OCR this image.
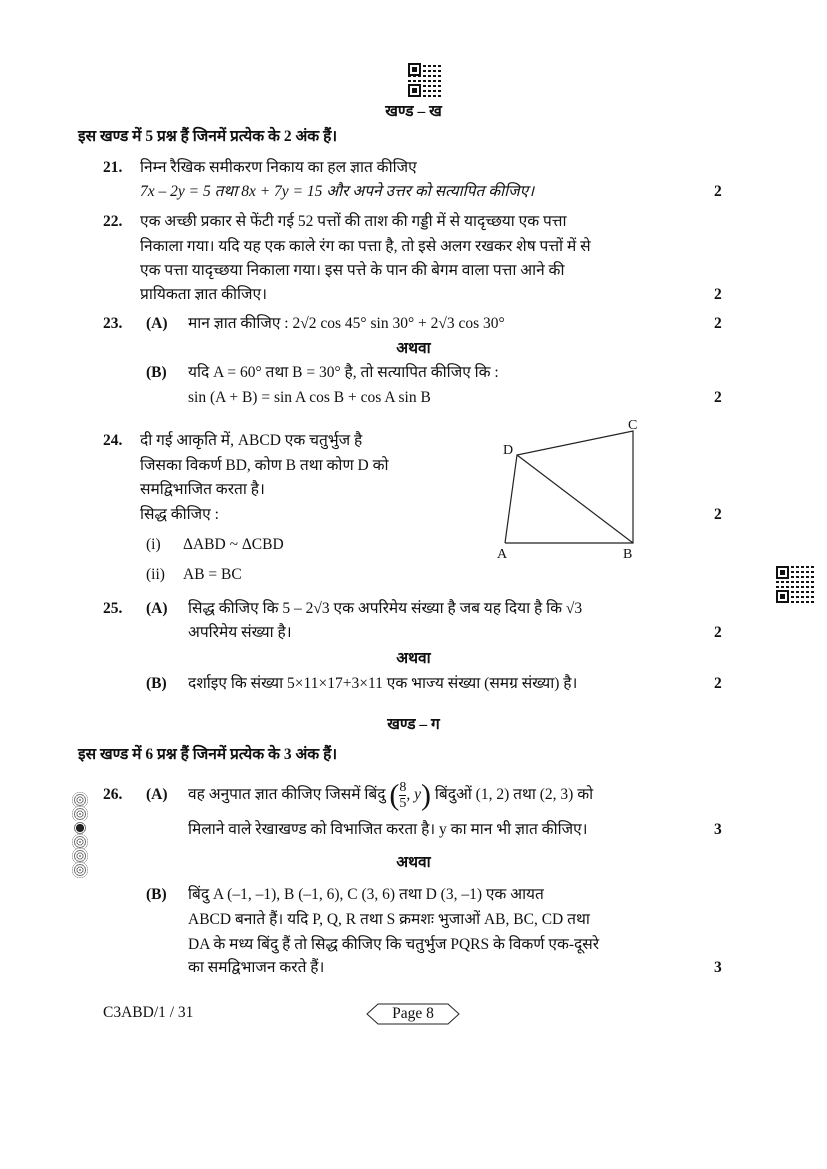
खण्ड – ख
इस खण्ड में 5 प्रश्न हैं जिनमें प्रत्येक के 2 अंक हैं।
21. निम्न रैखिक समीकरण निकाय का हल ज्ञात कीजिए
7x – 2y = 5 तथा 8x + 7y = 15 और अपने उत्तर को सत्यापित कीजिए।	2
22. एक अच्छी प्रकार से फेंटी गई 52 पत्तों की ताश की गड्डी में से यादृच्छया एक पत्ता
निकाला गया। यदि यह एक काले रंग का पत्ता है, तो इसे अलग रखकर शेष पत्तों में से
एक पत्ता यादृच्छया निकाला गया। इस पत्ते के पान की बेगम वाला पत्ता आने की
प्रायिकता ज्ञात कीजिए।	2
23. (A) मान ज्ञात कीजिए : 2√2 cos 45° sin 30° + 2√3 cos 30°	2
अथवा
(B) यदि A = 60° तथा B = 30° है, तो सत्यापित कीजिए कि :
sin (A + B) = sin A cos B + cos A sin B	2
24. दी गई आकृति में, ABCD एक चतुर्भुज है
जिसका विकर्ण BD, कोण B तथा कोण D को
समद्विभाजित करता है।
सिद्ध कीजिए :	2
(i) ΔABD ~ ΔCBD
(ii) AB = BC
A	B
C
D
25. (A) सिद्ध कीजिए कि 5 – 2√3 एक अपरिमेय संख्या है जब यह दिया है कि √3
अपरिमेय संख्या है।	2
अथवा
(B) दर्शाइए कि संख्या 5×11×17+3×11 एक भाज्य संख्या (समग्र संख्या) है।	2
खण्ड – ग
इस खण्ड में 6 प्रश्न हैं जिनमें प्रत्येक के 3 अंक हैं।
26. (A) वह अनुपात ज्ञात कीजिए जिसमें बिंदु ( $\frac{8}{5}$ , y) बिंदुओं (1, 2) तथा (2, 3) को
मिलाने वाले रेखाखण्ड को विभाजित करता है। y का मान भी ज्ञात कीजिए।	3
अथवा
(B) बिंदु A (–1, –1), B (–1, 6), C (3, 6) तथा D (3, –1) एक आयत
ABCD बनाते हैं। यदि P, Q, R तथा S क्रमशः भुजाओं AB, BC, CD तथा
DA के मध्य बिंदु हैं तो सिद्ध कीजिए कि चतुर्भुज PQRS के विकर्ण एक-दूसरे
का समद्विभाजन करते हैं।	3
C3ABD/1 / 31	Page 8
